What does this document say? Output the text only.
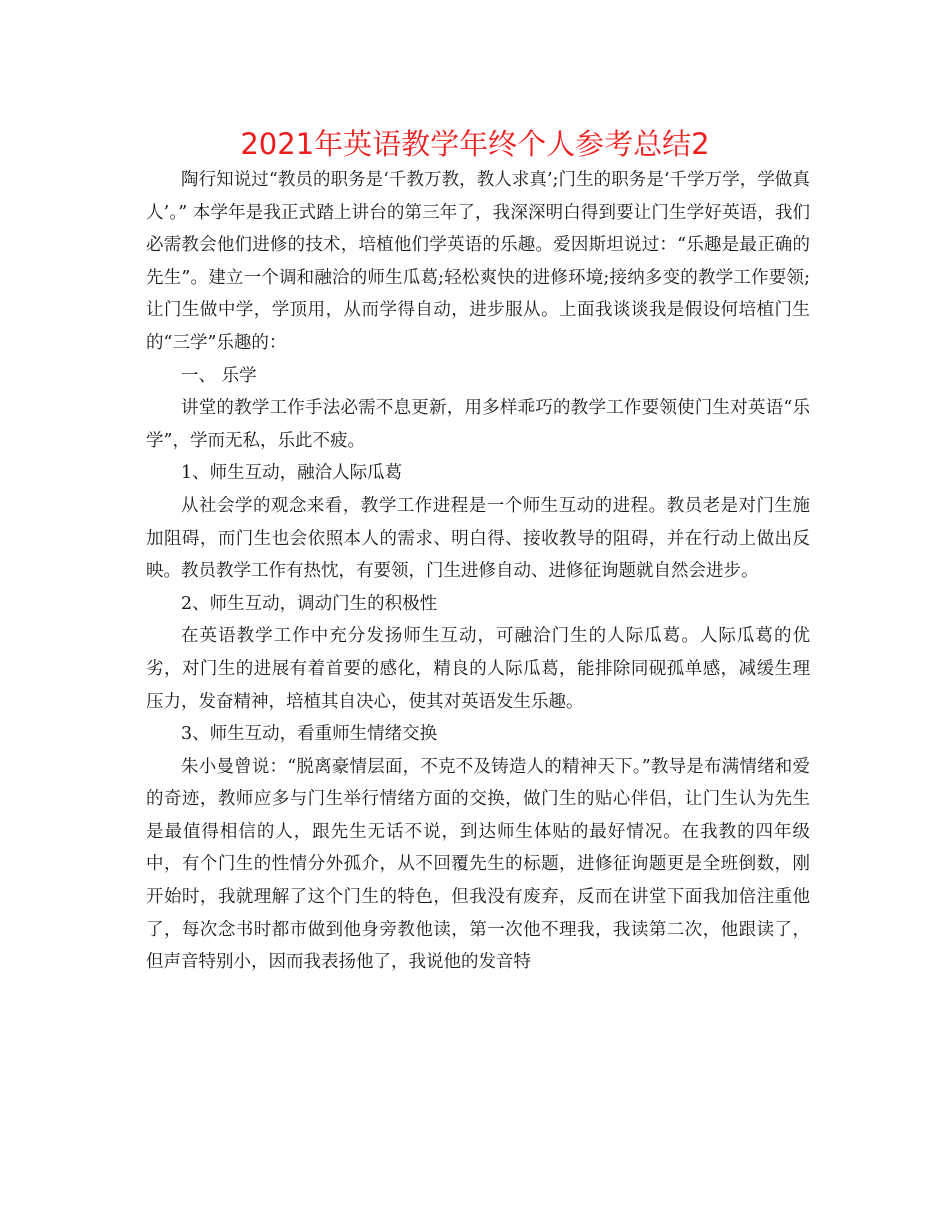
2021年英语教学年终个人参考总结2

陶行知说过“教员的职务是‘千教万教，教人求真’;门生的职务是‘千学万学，学做真人’。” 本学年是我正式踏上讲台的第三年了，我深深明白得到要让门生学好英语，我们必需教会他们进修的技术，培植他们学英语的乐趣。爱因斯坦说过：“乐趣是最正确的先生”。建立一个调和融洽的师生瓜葛;轻松爽快的进修环境;接纳多变的教学工作要领;让门生做中学，学顶用，从而学得自动，进步服从。上面我谈谈我是假设何培植门生的“三学”乐趣的：

一、 乐学

讲堂的教学工作手法必需不息更新，用多样乖巧的教学工作要领使门生对英语“乐学”，学而无私，乐此不疲。

1、师生互动，融洽人际瓜葛

从社会学的观念来看，教学工作进程是一个师生互动的进程。教员老是对门生施加阻碍，而门生也会依照本人的需求、明白得、接收教导的阻碍，并在行动上做出反映。教员教学工作有热忱，有要领，门生进修自动、进修征询题就自然会进步。

2、师生互动，调动门生的积极性

在英语教学工作中充分发扬师生互动，可融洽门生的人际瓜葛。人际瓜葛的优劣，对门生的进展有着首要的感化，精良的人际瓜葛，能排除同砚孤单感，减缓生理压力，发奋精神，培植其自决心，使其对英语发生乐趣。

3、师生互动，看重师生情绪交换

朱小曼曾说：“脱离豪情层面，不克不及铸造人的精神天下。”教导是布满情绪和爱的奇迹，教师应多与门生举行情绪方面的交换，做门生的贴心伴侣，让门生认为先生是最值得相信的人，跟先生无话不说，到达师生体贴的最好情况。在我教的四年级中，有个门生的性情分外孤介，从不回覆先生的标题，进修征询题更是全班倒数，刚开始时，我就理解了这个门生的特色，但我没有废弃，反而在讲堂下面我加倍注重他了，每次念书时都市做到他身旁教他读，第一次他不理我，我读第二次，他跟读了，但声音特别小，因而我表扬他了，我说他的发音特
